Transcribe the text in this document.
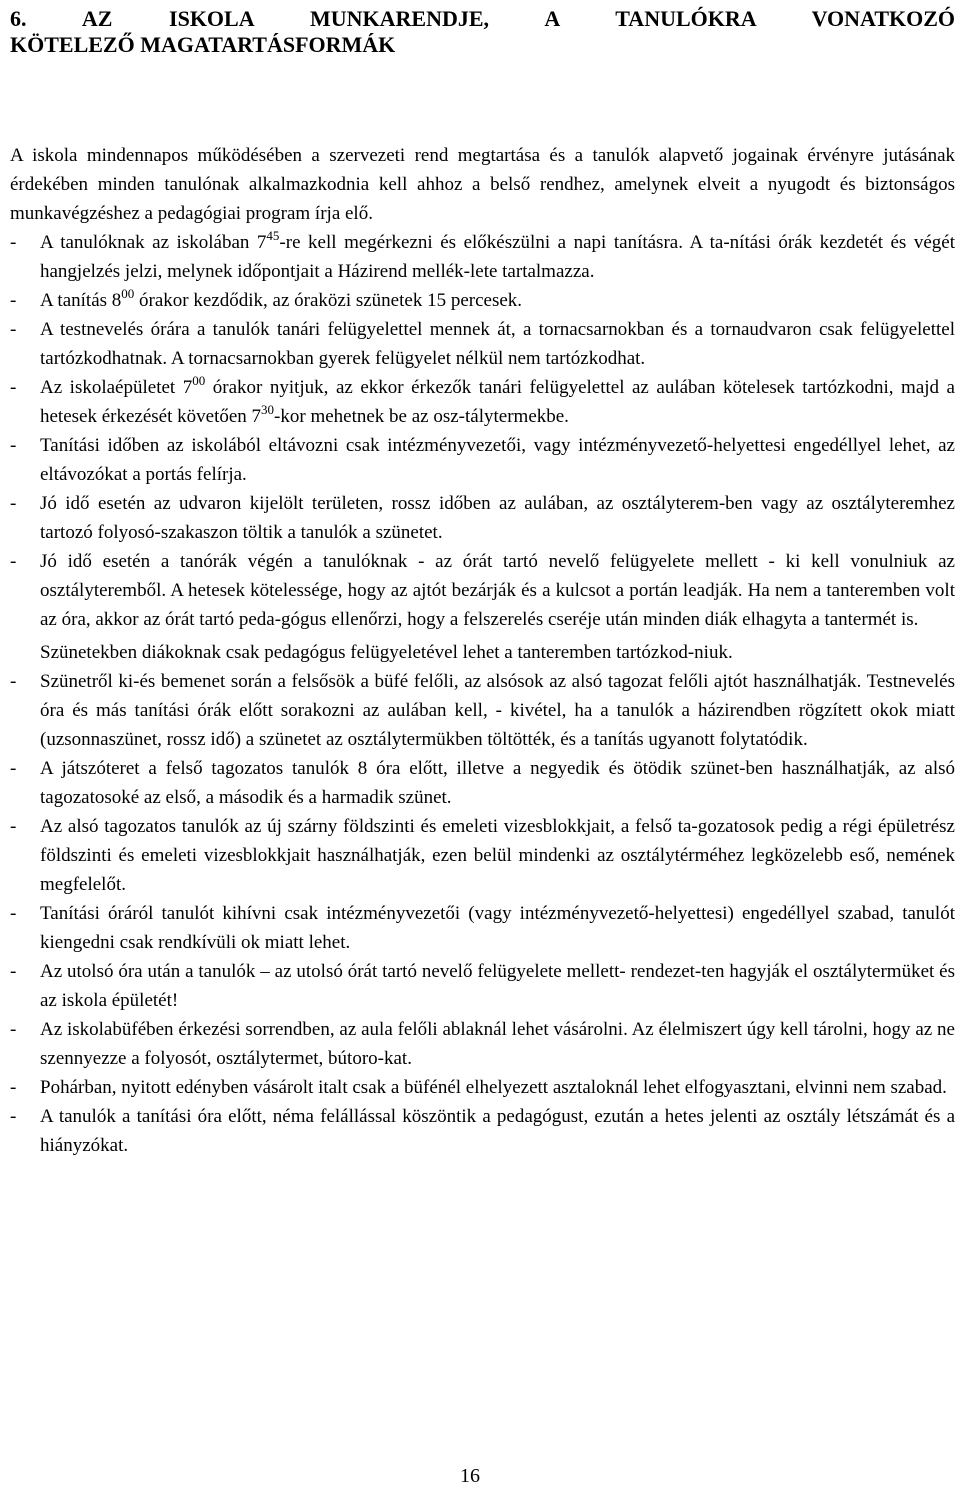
6. AZ ISKOLA MUNKARENDJE, A TANULÓKRA VONATKOZÓ
KÖTELEZŐ MAGATARTÁSFORMÁK

A iskola mindennapos működésében a szervezeti rend megtartása és a tanulók alapvető jogainak érvényre jutásának érdekében minden tanulónak alkalmazkodnia kell ahhoz a belső rendhez, amelynek elveit a nyugodt és biztonságos munkavégzéshez a pedagógiai program írja elő.

-	A tanulóknak az iskolában $7^{45}-re$ kell megérkezni és előkészülni a napi tanításra. A ta-nítási órák kezdetét és végét hangjelzés jelzi, melynek időpontjait a Házirend mellék-lete tartalmazza.
-	A tanítás $8^{00}$ órakor kezdődik, az óraközi szünetek 15 percesek.
-	A testnevelés órára a tanulók tanári felügyelettel mennek át, a tornacsarnokban és a tornaudvaron csak felügyelettel tartózkodhatnak. A tornacsarnokban gyerek felügyelet nélkül nem tartózkodhat.
-	Az iskolaépületet $7^{00}$ órakor nyitjuk, az ekkor érkezők tanári felügyelettel az aulában kötelesek tartózkodni, majd a hetesek érkezését követően $7^{30}$-kor mehetnek be az osz-tálytermekbe.
-	Tanítási időben az iskolából eltávozni csak intézményvezetői, vagy intézményvezető-helyettesi engedéllyel lehet, az eltávozókat a portás felírja.
-	Jó idő esetén az udvaron kijelölt területen, rossz időben az aulában, az osztályterem-ben vagy az osztályteremhez tartozó folyosó-szakaszon töltik a tanulók a szünetet.
-	Jó idő esetén a tanórák végén a tanulóknak - az órát tartó nevelő felügyelete mellett - ki kell vonulniuk az osztályteremből. A hetesek kötelessége, hogy az ajtót bezárják és a kulcsot a portán leadják. Ha nem a tanteremben volt az óra, akkor az órát tartó peda-gógus ellenőrzi, hogy a felszerelés cseréje után minden diák elhagyta a tantermét is.

Szünetekben diákoknak csak pedagógus felügyeletével lehet a tanteremben tartózkod-niuk.

-	Szünetről ki-és bemenet során a felsősök a büfé felőli, az alsósok az alsó tagozat felőli ajtót használhatják. Testnevelés óra és más tanítási órák előtt sorakozni az aulában kell, - kivétel, ha a tanulók a házirendben rögzített okok miatt (uzsonnaszünet, rossz idő) a szünetet az osztálytermükben töltötték, és a tanítás ugyanott folytatódik.
-	A játszóteret a felső tagozatos tanulók 8 óra előtt, illetve a negyedik és ötödik szünet-ben használhatják, az alsó tagozatosoké az első, a második és a harmadik szünet.
-	Az alsó tagozatos tanulók az új szárny földszinti és emeleti vizesblokkjait, a felső ta-gozatosok pedig a régi épületrész földszinti és emeleti vizesblokkjait használhatják, ezen belül mindenki az osztálytérméhez legközelebb eső, nemének megfelelőt.
-	Tanítási óráról tanulót kihívni csak intézményvezetői (vagy intézményvezető-helyettesi) engedéllyel szabad, tanulót kiengedni csak rendkívüli ok miatt lehet.
-	Az utolsó óra után a tanulók – az utolsó órát tartó nevelő felügyelete mellett- rendezet-ten hagyják el osztálytermüket és az iskola épületét!
-	Az iskolabüfében érkezési sorrendben, az aula felőli ablaknál lehet vásárolni. Az élelmiszert úgy kell tárolni, hogy az ne szennyezze a folyosót, osztálytermet, bútoro-kat.
-	Pohárban, nyitott edényben vásárolt italt csak a büfénél elhelyezett asztaloknál lehet elfogyasztani, elvinni nem szabad.
-	A tanulók a tanítási óra előtt, néma felállással köszöntik a pedagógust, ezután a hetes jelenti az osztály létszámát és a hiányzókat.
16
